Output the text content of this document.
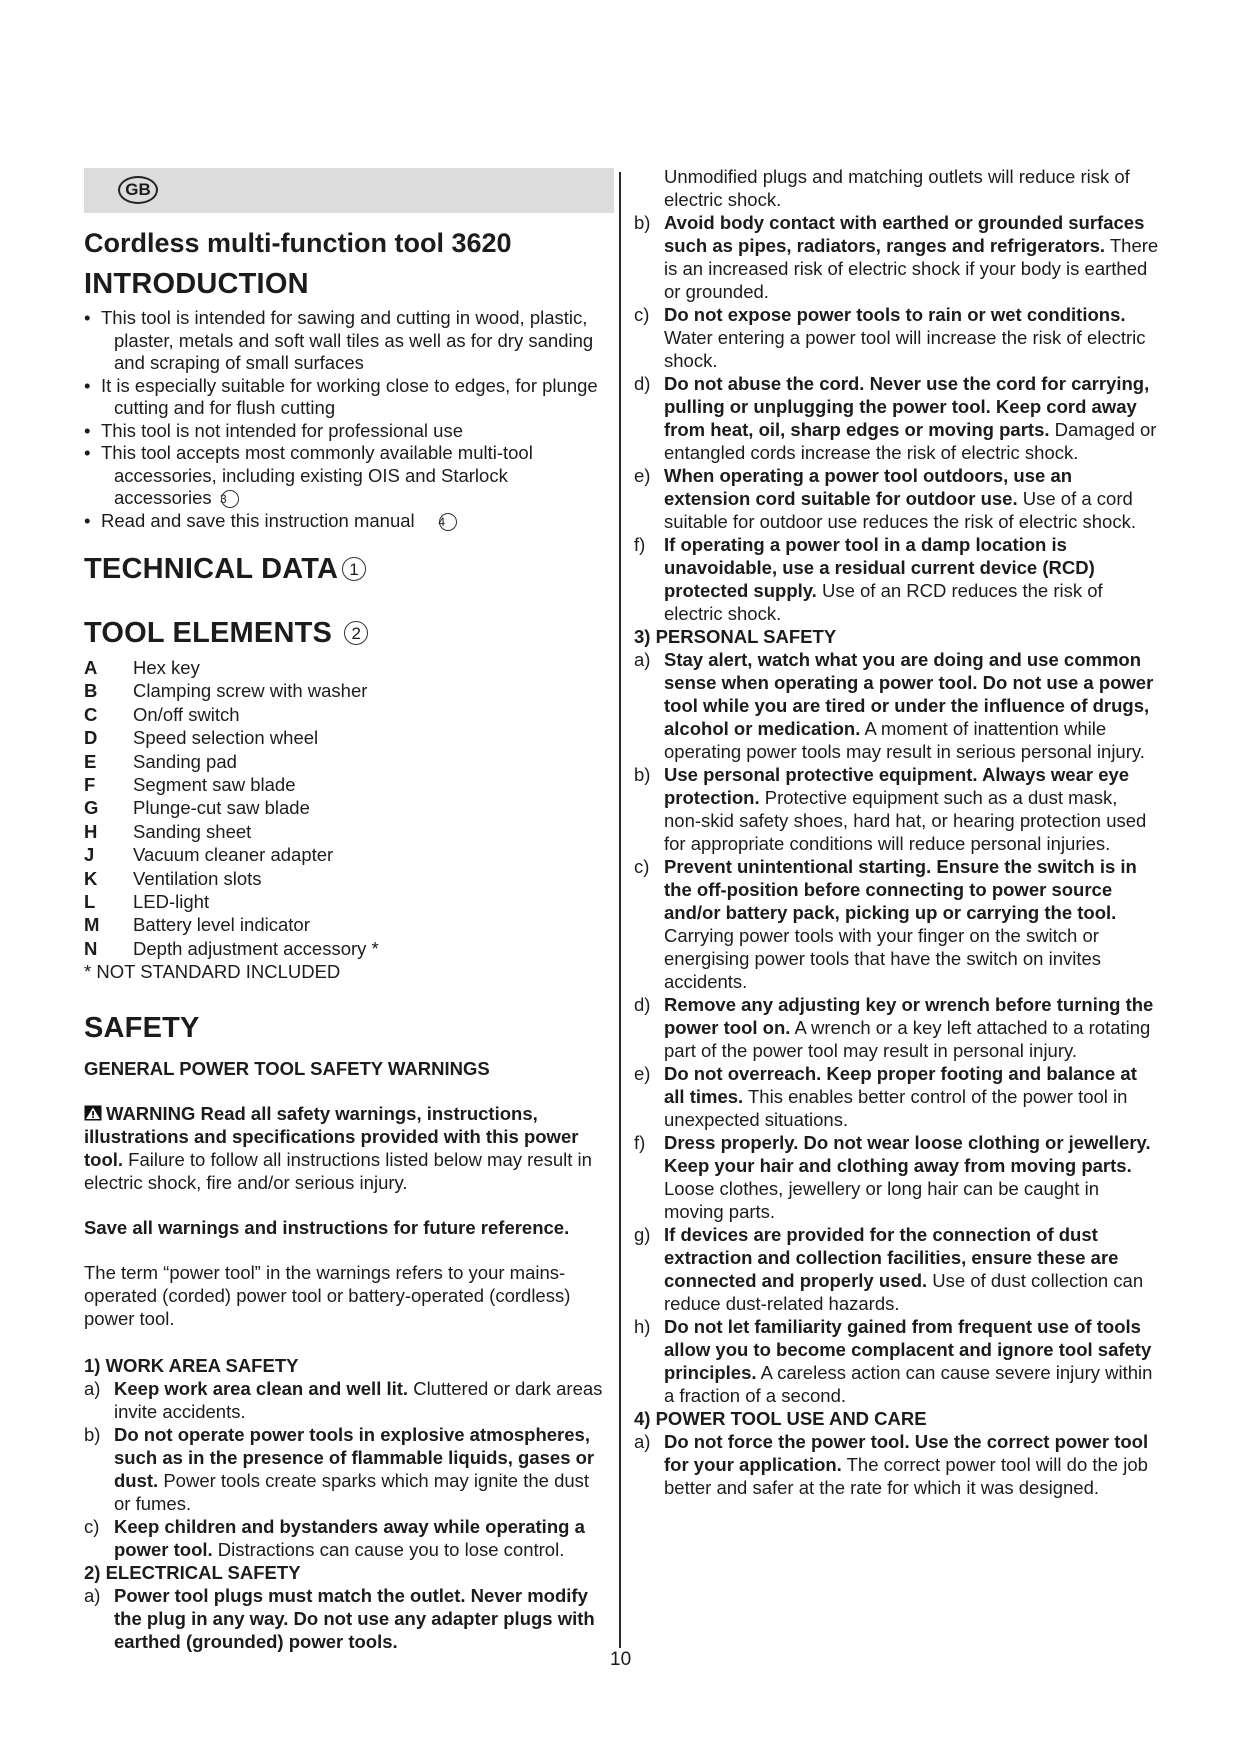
GB
Cordless multi-function tool 3620
INTRODUCTION
• This tool is intended for sawing and cutting in wood, plastic, plaster, metals and soft wall tiles as well as for dry sanding and scraping of small surfaces
• It is especially suitable for working close to edges, for plunge cutting and for flush cutting
• This tool is not intended for professional use
• This tool accepts most commonly available multi-tool accessories, including existing OIS and Starlock accessories 3
• Read and save this instruction manual 4
TECHNICAL DATA 1
TOOL ELEMENTS 2
A	Hex key
B	Clamping screw with washer
C	On/off switch
D	Speed selection wheel
E	Sanding pad
F	Segment saw blade
G	Plunge-cut saw blade
H	Sanding sheet
J	Vacuum cleaner adapter
K	Ventilation slots
L	LED-light
M	Battery level indicator
N	Depth adjustment accessory *
* NOT STANDARD INCLUDED
SAFETY
GENERAL POWER TOOL SAFETY WARNINGS
WARNING Read all safety warnings, instructions, illustrations and specifications provided with this power tool. Failure to follow all instructions listed below may result in electric shock, fire and/or serious injury.
Save all warnings and instructions for future reference.
The term “power tool” in the warnings refers to your mains-operated (corded) power tool or battery-operated (cordless) power tool.
1) WORK AREA SAFETY
a) Keep work area clean and well lit. Cluttered or dark areas invite accidents.
b) Do not operate power tools in explosive atmospheres, such as in the presence of flammable liquids, gases or dust. Power tools create sparks which may ignite the dust or fumes.
c) Keep children and bystanders away while operating a power tool. Distractions can cause you to lose control.
2) ELECTRICAL SAFETY
a) Power tool plugs must match the outlet. Never modify the plug in any way. Do not use any adapter plugs with earthed (grounded) power tools.
Unmodified plugs and matching outlets will reduce risk of electric shock.
b) Avoid body contact with earthed or grounded surfaces such as pipes, radiators, ranges and refrigerators. There is an increased risk of electric shock if your body is earthed or grounded.
c) Do not expose power tools to rain or wet conditions. Water entering a power tool will increase the risk of electric shock.
d) Do not abuse the cord. Never use the cord for carrying, pulling or unplugging the power tool. Keep cord away from heat, oil, sharp edges or moving parts. Damaged or entangled cords increase the risk of electric shock.
e) When operating a power tool outdoors, use an extension cord suitable for outdoor use. Use of a cord suitable for outdoor use reduces the risk of electric shock.
f) If operating a power tool in a damp location is unavoidable, use a residual current device (RCD) protected supply. Use of an RCD reduces the risk of electric shock.
3) PERSONAL SAFETY
a) Stay alert, watch what you are doing and use common sense when operating a power tool. Do not use a power tool while you are tired or under the influence of drugs, alcohol or medication. A moment of inattention while operating power tools may result in serious personal injury.
b) Use personal protective equipment. Always wear eye protection. Protective equipment such as a dust mask, non-skid safety shoes, hard hat, or hearing protection used for appropriate conditions will reduce personal injuries.
c) Prevent unintentional starting. Ensure the switch is in the off-position before connecting to power source and/or battery pack, picking up or carrying the tool. Carrying power tools with your finger on the switch or energising power tools that have the switch on invites accidents.
d) Remove any adjusting key or wrench before turning the power tool on. A wrench or a key left attached to a rotating part of the power tool may result in personal injury.
e) Do not overreach. Keep proper footing and balance at all times. This enables better control of the power tool in unexpected situations.
f) Dress properly. Do not wear loose clothing or jewellery. Keep your hair and clothing away from moving parts. Loose clothes, jewellery or long hair can be caught in moving parts.
g) If devices are provided for the connection of dust extraction and collection facilities, ensure these are connected and properly used. Use of dust collection can reduce dust-related hazards.
h) Do not let familiarity gained from frequent use of tools allow you to become complacent and ignore tool safety principles. A careless action can cause severe injury within a fraction of a second.
4) POWER TOOL USE AND CARE
a) Do not force the power tool. Use the correct power tool for your application. The correct power tool will do the job better and safer at the rate for which it was designed.
10
